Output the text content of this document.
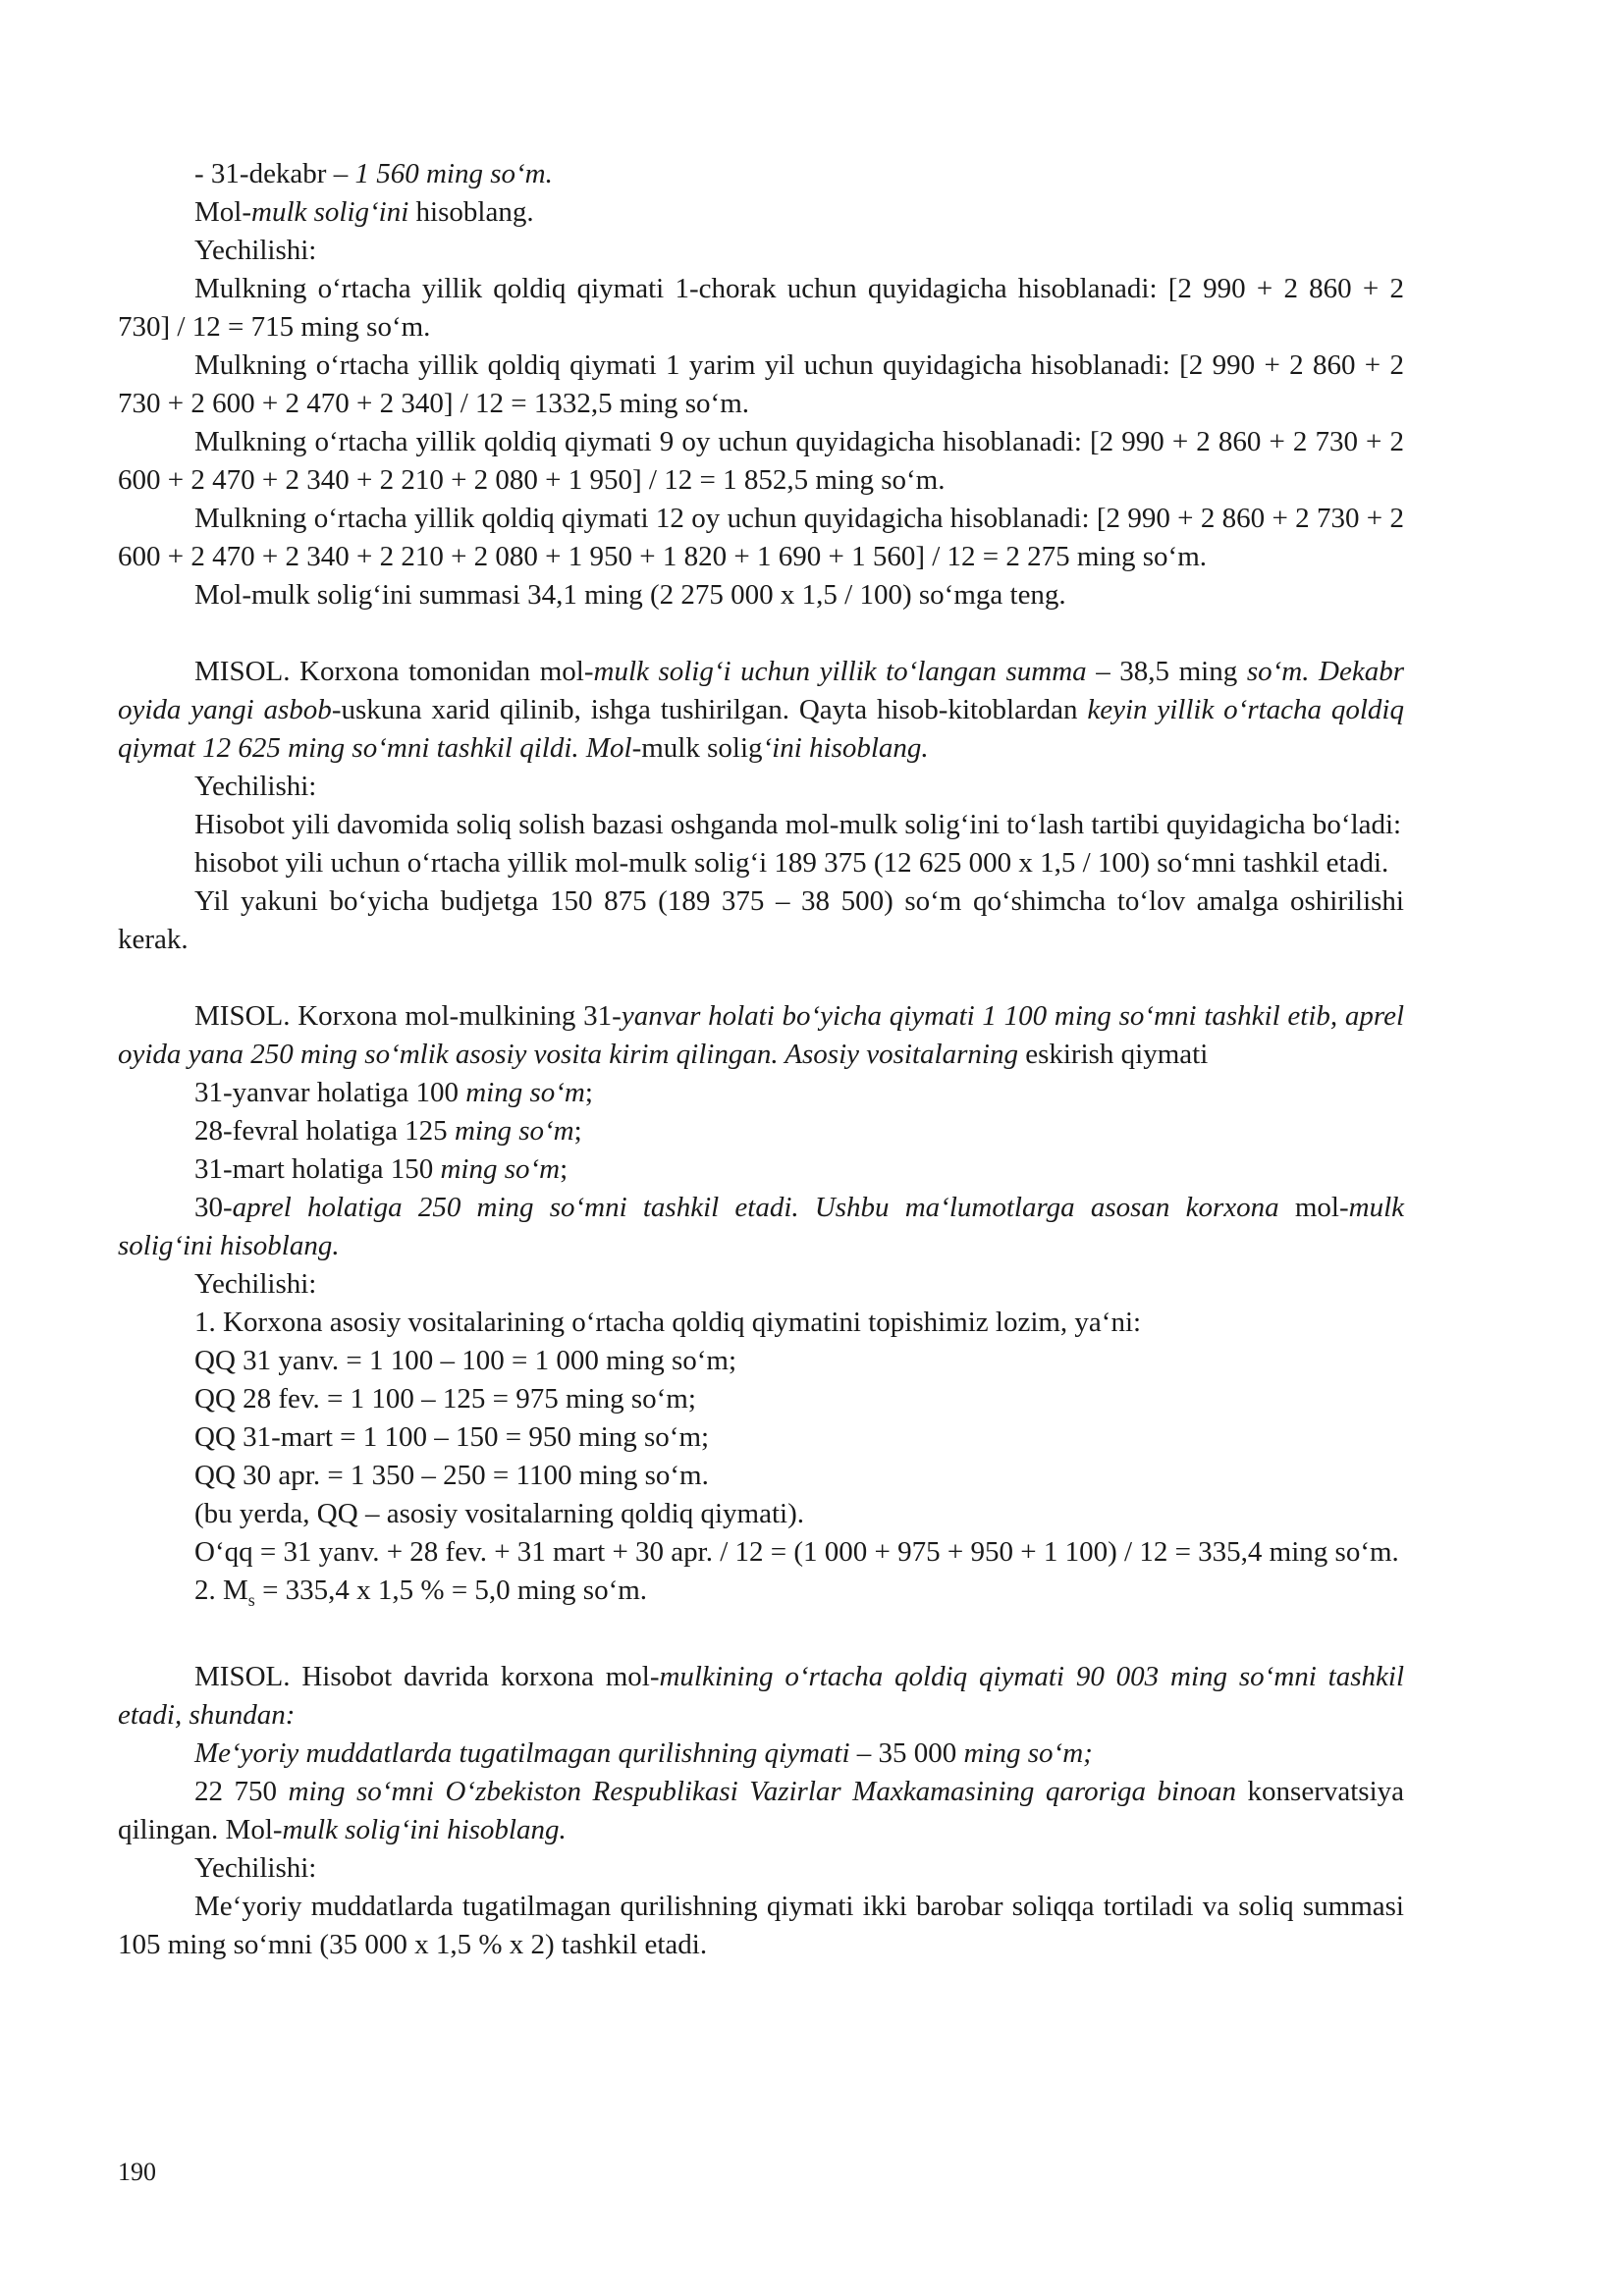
- 31-dekabr – 1 560 ming so‘m.

Mol-mulk solig‘ini hisoblang.

Yechilishi:

Mulkning o‘rtacha yillik qoldiq qiymati 1-chorak uchun quyidagicha hisoblanadi: [2 990 + 2 860 + 2 730] / 12 = 715 ming so‘m.

Mulkning o‘rtacha yillik qoldiq qiymati 1 yarim yil uchun quyidagicha hisoblanadi: [2 990 + 2 860 + 2 730 + 2 600 + 2 470 + 2 340] / 12 = 1332,5 ming so‘m.

Mulkning o‘rtacha yillik qoldiq qiymati 9 oy uchun quyidagicha hisoblanadi: [2 990 + 2 860 + 2 730 + 2 600 + 2 470 + 2 340 + 2 210 + 2 080 + 1 950] / 12 = 1 852,5 ming so‘m.

Mulkning o‘rtacha yillik qoldiq qiymati 12 oy uchun quyidagicha hisoblanadi: [2 990 + 2 860 + 2 730 + 2 600 + 2 470 + 2 340 + 2 210 + 2 080 + 1 950 + 1 820 + 1 690 + 1 560] / 12 = 2 275 ming so‘m.

Mol-mulk solig‘ini summasi 34,1 ming (2 275 000 x 1,5 / 100) so‘mga teng.

MISOL. Korxona tomonidan mol-mulk solig‘i uchun yillik to‘langan summa – 38,5 ming so‘m. Dekabr oyida yangi asbob-uskuna xarid qilinib, ishga tushirilgan. Qayta hisob-kitoblardan keyin yillik o‘rtacha qoldiq qiymat 12 625 ming so‘mni tashkil qildi. Mol-mulk solig‘ini hisoblang.

Yechilishi:

Hisobot yili davomida soliq solish bazasi oshganda mol-mulk solig‘ini to‘lash tartibi quyidagicha bo‘ladi:

hisobot yili uchun o‘rtacha yillik mol-mulk solig‘i 189 375 (12 625 000 x 1,5 / 100) so‘mni tashkil etadi.

Yil yakuni bo‘yicha budjetga 150 875 (189 375 – 38 500) so‘m qo‘shimcha to‘lov amalga oshirilishi kerak.

MISOL. Korxona mol-mulkining 31-yanvar holati bo‘yicha qiymati 1 100 ming so‘mni tashkil etib, aprel oyida yana 250 ming so‘mlik asosiy vosita kirim qilingan. Asosiy vositalarning eskirish qiymati

31-yanvar holatiga 100 ming so‘m;

28-fevral holatiga 125 ming so‘m;

31-mart holatiga 150 ming so‘m;

30-aprel holatiga 250 ming so‘mni tashkil etadi. Ushbu ma‘lumotlarga asosan korxona mol-mulk solig‘ini hisoblang.

Yechilishi:

1. Korxona asosiy vositalarining o‘rtacha qoldiq qiymatini topishimiz lozim, ya‘ni:

QQ 31 yanv. = 1 100 – 100 = 1 000 ming so‘m;

QQ 28 fev. = 1 100 – 125 = 975 ming so‘m;

QQ 31-mart = 1 100 – 150 = 950 ming so‘m;

QQ 30 apr. = 1 350 – 250 = 1100 ming so‘m.

(bu yerda, QQ – asosiy vositalarning qoldiq qiymati).

O‘qq = 31 yanv. + 28 fev. + 31 mart + 30 apr. / 12 = (1 000 + 975 + 950 + 1 100) / 12 = 335,4 ming so‘m.

2. $M_s = 335,4$ x 1,5 % = 5,0 ming so‘m.

MISOL. Hisobot davrida korxona mol-mulkining o‘rtacha qoldiq qiymati 90 003 ming so‘mni tashkil etadi, shundan:

Me‘yoriy muddatlarda tugatilmagan qurilishning qiymati – 35 000 ming so‘m;

22 750 ming so‘mni O‘zbekiston Respublikasi Vazirlar Maxkamasining qaroriga binoan konservatsiya qilingan. Mol-mulk solig‘ini hisoblang.

Yechilishi:

Me‘yoriy muddatlarda tugatilmagan qurilishning qiymati ikki barobar soliqqa tortiladi va soliq summasi 105 ming so‘mni (35 000 x 1,5 % x 2) tashkil etadi.

190
